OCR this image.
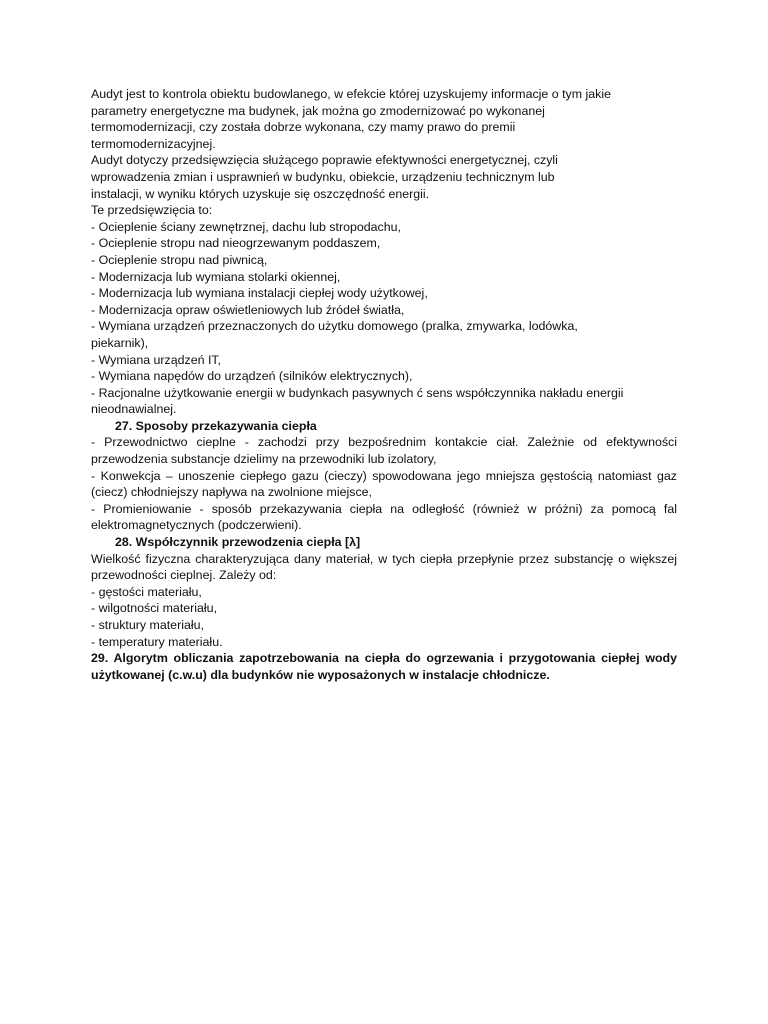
Audyt jest to kontrola obiektu budowlanego, w efekcie której uzyskujemy informacje o tym jakie
parametry energetyczne ma budynek, jak można go zmodernizować po wykonanej
termomodernizacji, czy została dobrze wykonana, czy mamy prawo do premii
termomodernizacyjnej.
Audyt dotyczy przedsięwzięcia służącego poprawie efektywności energetycznej, czyli
wprowadzenia zmian i usprawnień w budynku, obiekcie, urządzeniu technicznym lub
instalacji, w wyniku których uzyskuje się oszczędność energii.
Te przedsięwzięcia to:
- Ocieplenie ściany zewnętrznej, dachu lub stropodachu,
- Ocieplenie stropu nad nieogrzewanym poddaszem,
- Ocieplenie stropu nad piwnicą,
- Modernizacja lub wymiana stolarki okiennej,
- Modernizacja lub wymiana instalacji ciepłej wody użytkowej,
- Modernizacja opraw oświetleniowych lub źródeł światła,
- Wymiana urządzeń przeznaczonych do użytku domowego (pralka, zmywarka, lodówka,
piekarnik),
- Wymiana urządzeń IT,
- Wymiana napędów do urządzeń (silników elektrycznych),
- Racjonalne użytkowanie energii w budynkach pasywnych ć sens współczynnika nakładu energii
nieodnawialnej.
27. Sposoby przekazywania ciepła
- Przewodnictwo cieplne - zachodzi przy bezpośrednim kontakcie ciał. Zależnie od efektywności przewodzenia substancje dzielimy na przewodniki lub izolatory,
- Konwekcja – unoszenie ciepłego gazu (cieczy) spowodowana jego mniejsza gęstością natomiast gaz (ciecz) chłodniejszy napływa na zwolnione miejsce,
- Promieniowanie - sposób przekazywania ciepła na odległość (również w próżni) za pomocą fal elektromagnetycznych (podczerwieni).
28. Współczynnik przewodzenia ciepła [λ]
Wielkość fizyczna charakteryzująca dany materiał, w tych ciepła przepłynie przez substancję o większej przewodności cieplnej. Zależy od:
- gęstości materiału,
- wilgotności materiału,
- struktury materiału,
- temperatury materiału.
29. Algorytm obliczania zapotrzebowania na ciepła do ogrzewania i przygotowania ciepłej wody użytkowanej (c.w.u) dla budynków nie wyposażonych w instalacje chłodnicze.
